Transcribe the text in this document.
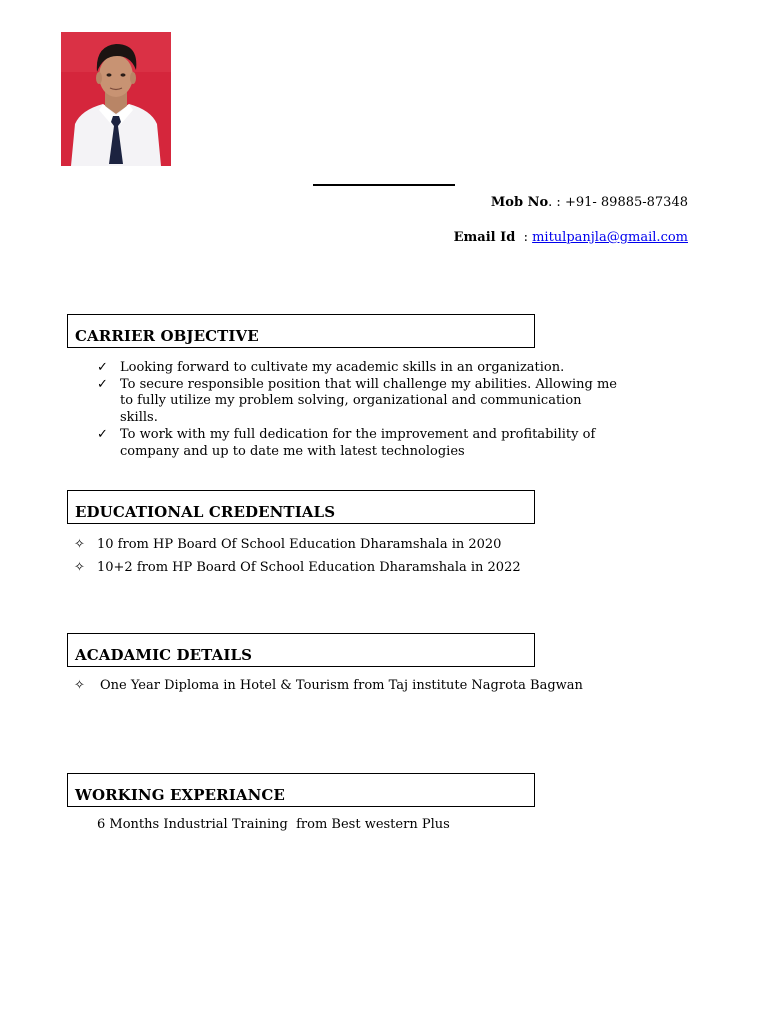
Mob No. : +91- 89885-87348
Email Id  : mitulpanjla@gmail.com
CARRIER OBJECTIVE
✓ Looking forward to cultivate my academic skills in an organization.
✓ To secure responsible position that will challenge my abilities. Allowing me to fully utilize my problem solving, organizational and communication skills.
✓ To work with my full dedication for the improvement and profitability of company and up to date me with latest technologies
EDUCATIONAL CREDENTIALS
✧ 10 from HP Board Of School Education Dharamshala in 2020
✧ 10+2 from HP Board Of School Education Dharamshala in 2022
ACADAMIC DETAILS
✧ One Year Diploma in Hotel & Tourism from Taj institute Nagrota Bagwan
WORKING EXPERIANCE
6 Months Industrial Training  from Best western Plus
